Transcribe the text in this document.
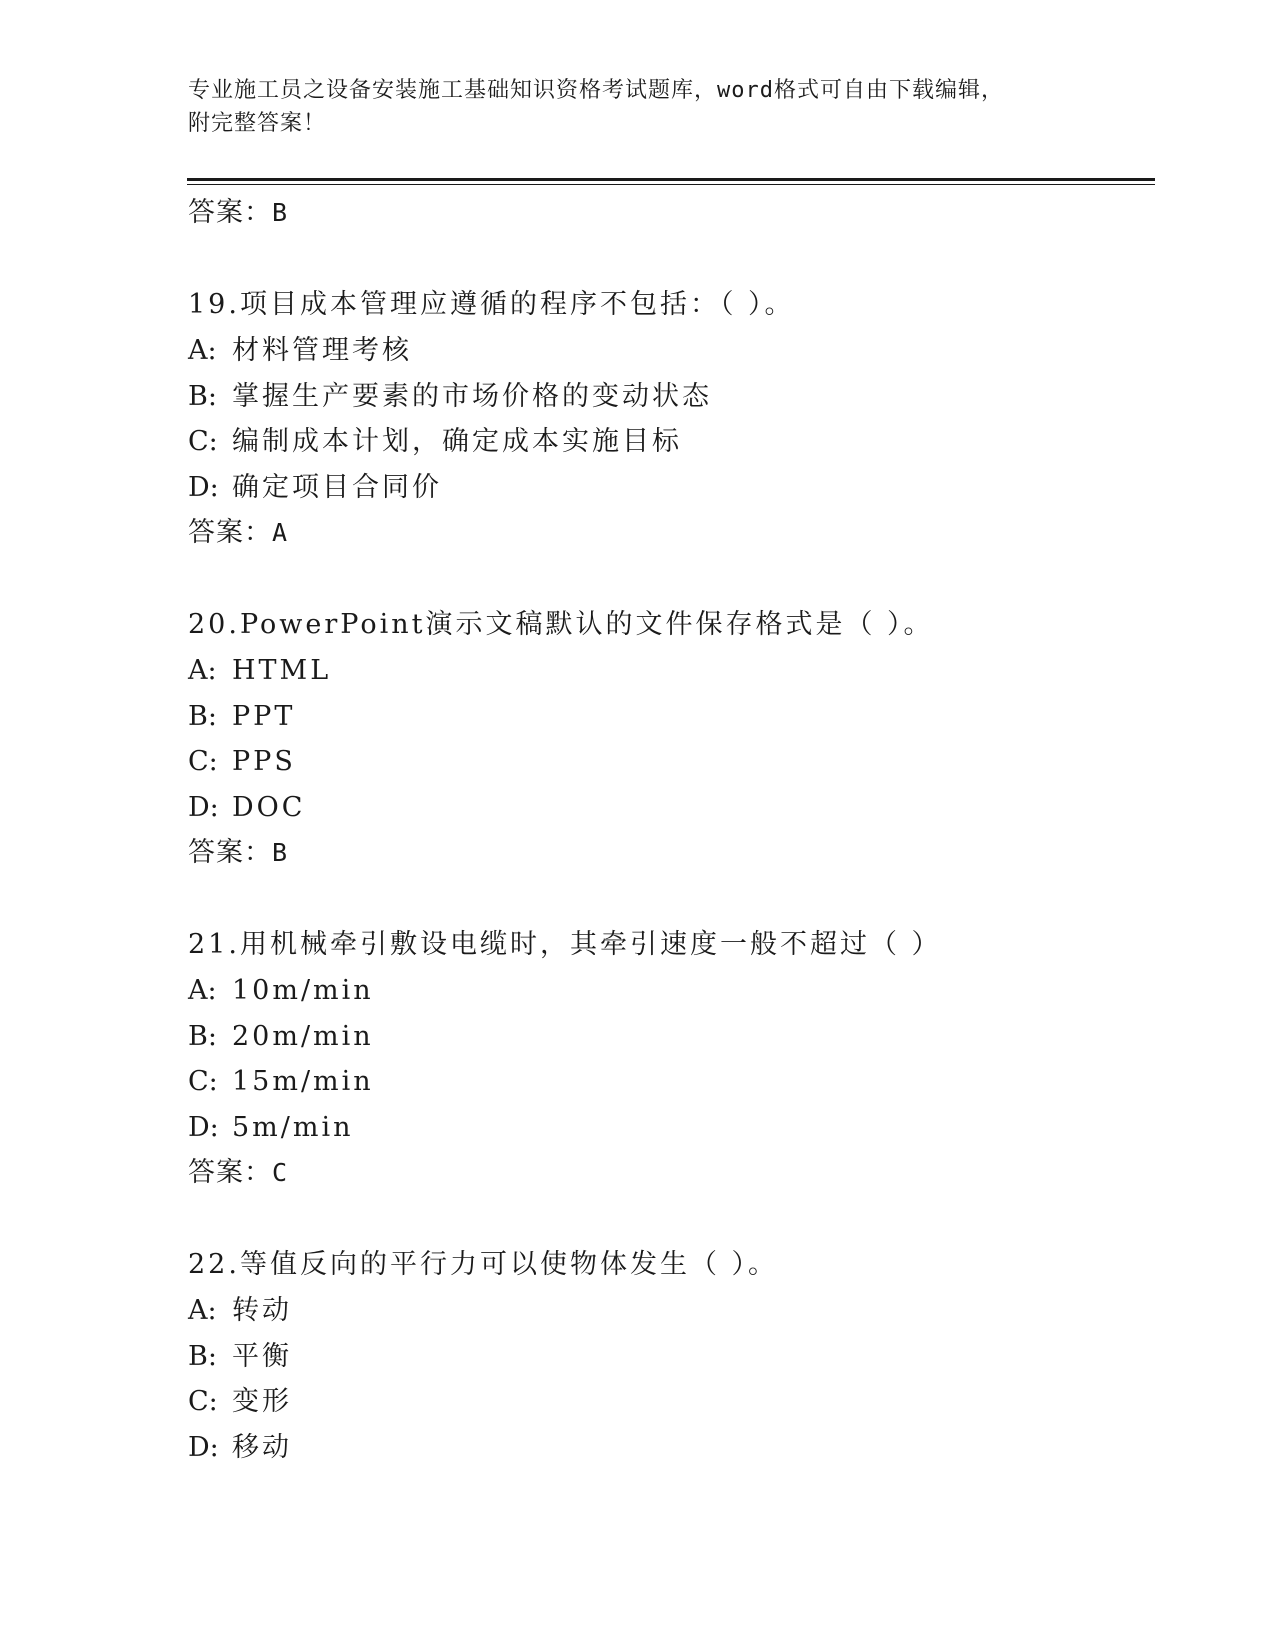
专业施工员之设备安装施工基础知识资格考试题库，word格式可自由下载编辑，
附完整答案！
答案：B
19.项目成本管理应遵循的程序不包括：（ ）。
A: 材料管理考核
B: 掌握生产要素的市场价格的变动状态
C: 编制成本计划，确定成本实施目标
D: 确定项目合同价
答案：A
20.PowerPoint演示文稿默认的文件保存格式是（ ）。
A: HTML
B: PPT
C: PPS
D: DOC
答案：B
21.用机械牵引敷设电缆时，其牵引速度一般不超过（ ）
A: 10m/min
B: 20m/min
C: 15m/min
D: 5m/min
答案：C
22.等值反向的平行力可以使物体发生（ ）。
A: 转动
B: 平衡
C: 变形
D: 移动
